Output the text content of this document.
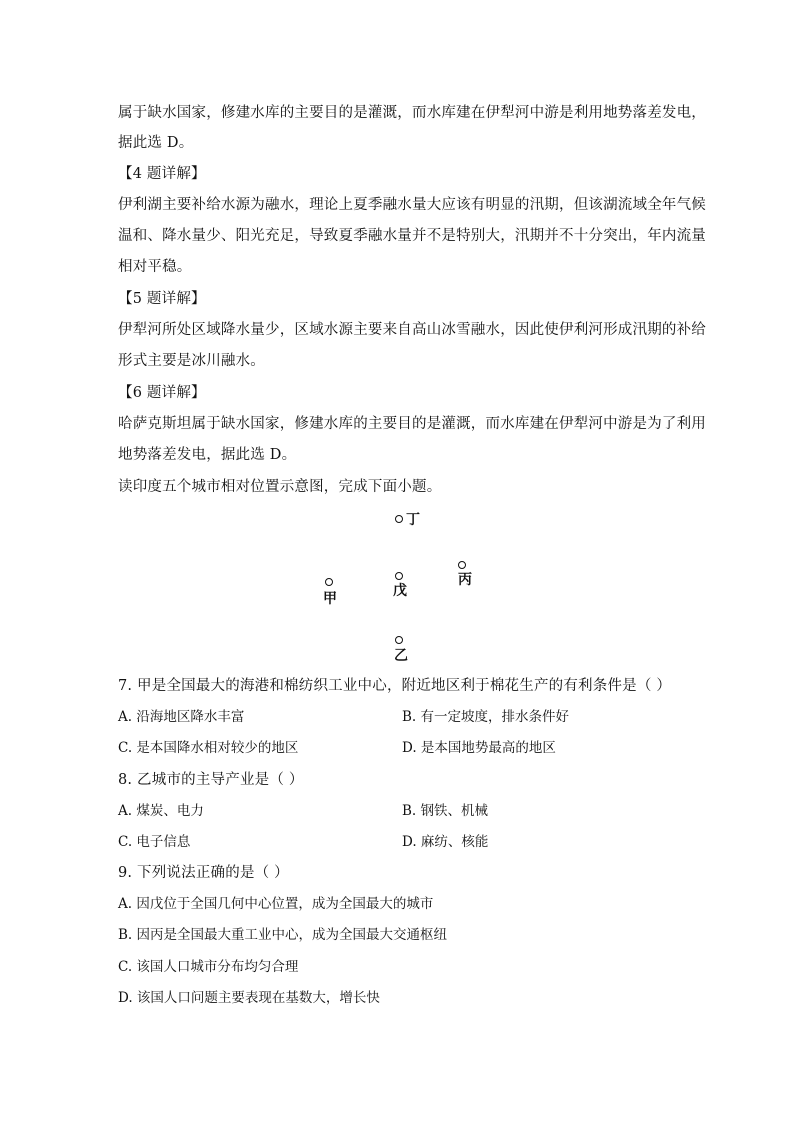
属于缺水国家，修建水库的主要目的是灌溉，而水库建在伊犁河中游是利用地势落差发电，
据此选 D。
【4 题详解】
伊利湖主要补给水源为融水，理论上夏季融水量大应该有明显的汛期，但该湖流域全年气候
温和、降水量少、阳光充足，导致夏季融水量并不是特别大，汛期并不十分突出，年内流量
相对平稳。
【5 题详解】
伊犁河所处区域降水量少，区域水源主要来自高山冰雪融水，因此使伊利河形成汛期的补给
形式主要是冰川融水。
【6 题详解】
哈萨克斯坦属于缺水国家，修建水库的主要目的是灌溉，而水库建在伊犁河中游是为了利用
地势落差发电，据此选 D。
读印度五个城市相对位置示意图，完成下面小题。
丁
丙
甲	戊
乙
7. 甲是全国最大的海港和棉纺织工业中心，附近地区利于棉花生产的有利条件是（ ）
A. 沿海地区降水丰富	B. 有一定坡度，排水条件好
C. 是本国降水相对较少的地区	D. 是本国地势最高的地区
8. 乙城市的主导产业是（ ）
A. 煤炭、电力	B. 钢铁、机械
C. 电子信息	D. 麻纺、核能
9. 下列说法正确的是（ ）
A. 因戊位于全国几何中心位置，成为全国最大的城市
B. 因丙是全国最大重工业中心，成为全国最大交通枢纽
C. 该国人口城市分布均匀合理
D. 该国人口问题主要表现在基数大，增长快
